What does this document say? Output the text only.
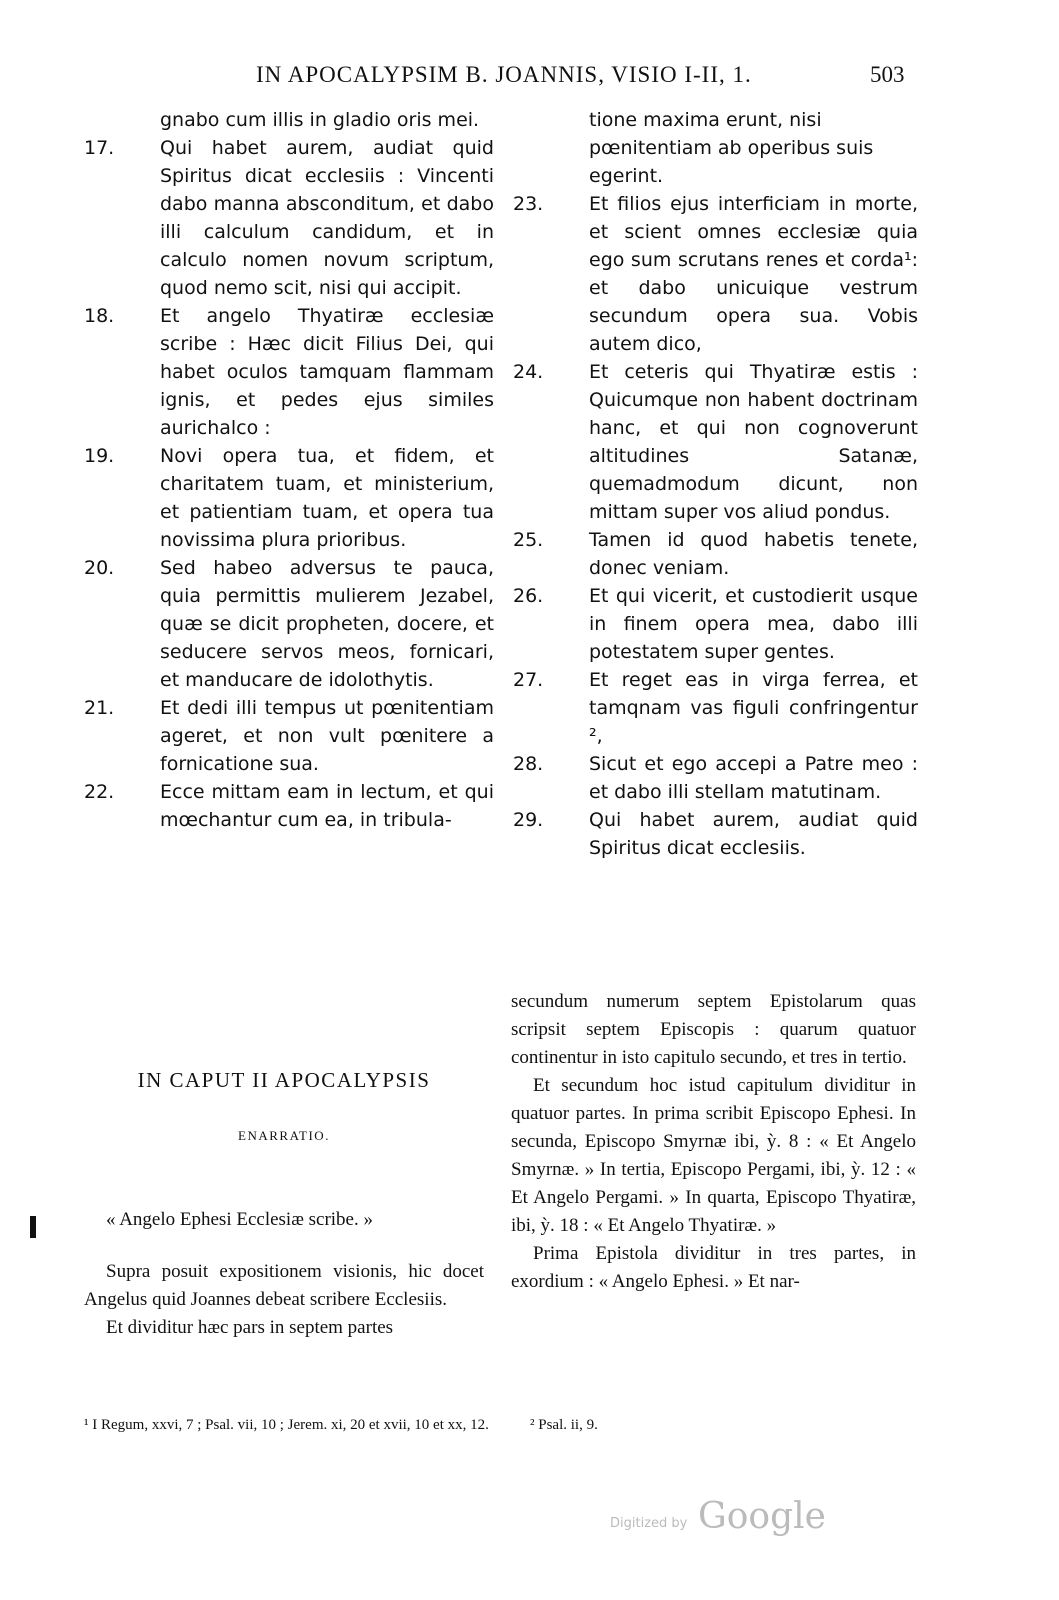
IN APOCALYPSIM B. JOANNIS, VISIO I-II, 1.	503
gnabo cum illis in gladio oris mei.
17.	Qui habet aurem, audiat quid Spiritus dicat ecclesiis : Vincenti dabo manna absconditum, et dabo illi calculum candidum, et in calculo nomen novum scriptum, quod nemo scit, nisi qui accipit.
18.	Et angelo Thyatiræ ecclesiæ scribe : Hæc dicit Filius Dei, qui habet oculos tamquam flammam ignis, et pedes ejus similes aurichalco :
19.	Novi opera tua, et fidem, et charitatem tuam, et ministerium, et patientiam tuam, et opera tua novissima plura prioribus.
20.	Sed habeo adversus te pauca, quia permittis mulierem Jezabel, quæ se dicit propheten, docere, et seducere servos meos, fornicari, et manducare de idolothytis.
21.	Et dedi illi tempus ut pœnitentiam ageret, et non vult pœnitere a fornicatione sua.
22.	Ecce mittam eam in lectum, et qui mœchantur cum ea, in tribula-
tione maxima erunt, nisi pœnitentiam ab operibus suis egerint.
23.	Et filios ejus interficiam in morte, et scient omnes ecclesiæ quia ego sum scrutans renes et corda¹: et dabo unicuique vestrum secundum opera sua. Vobis autem dico,
24.	Et ceteris qui Thyatiræ estis : Quicumque non habent doctrinam hanc, et qui non cognoverunt altitudines Satanæ, quemadmodum dicunt, non mittam super vos aliud pondus.
25.	Tamen id quod habetis tenete, donec veniam.
26.	Et qui vicerit, et custodierit usque in finem opera mea, dabo illi potestatem super gentes.
27.	Et reget eas in virga ferrea, et tamqnam vas figuli confringentur ²,
28.	Sicut et ego accepi a Patre meo : et dabo illi stellam matutinam.
29.	Qui habet aurem, audiat quid Spiritus dicat ecclesiis.
IN CAPUT II APOCALYPSIS
ENARRATIO.

« Angelo Ephesi Ecclesiæ scribe. »

Supra posuit expositionem visionis, hic docet Angelus quid Joannes debeat scribere Ecclesiis.

Et dividitur hæc pars in septem partes

secundum numerum septem Epistolarum quas scripsit septem Episcopis : quarum quatuor continentur in isto capitulo secundo, et tres in tertio.

Et secundum hoc istud capitulum dividitur in quatuor partes. In prima scribit Episcopo Ephesi. In secunda, Episcopo Smyrnæ ibi, ỳ. 8 : « Et Angelo Smyrnæ. » In tertia, Episcopo Pergami, ibi, ỳ. 12 : « Et Angelo Pergami. » In quarta, Episcopo Thyatiræ, ibi, ỳ. 18 : « Et Angelo Thyatiræ. »

Prima Epistola dividitur in tres partes, in exordium : « Angelo Ephesi. » Et nar-

¹ I Regum, xxvi, 7 ; Psal. vii, 10 ; Jerem. xi, 20 et xvii, 10 et xx, 12.	² Psal. ii, 9.
Digitized by Google
